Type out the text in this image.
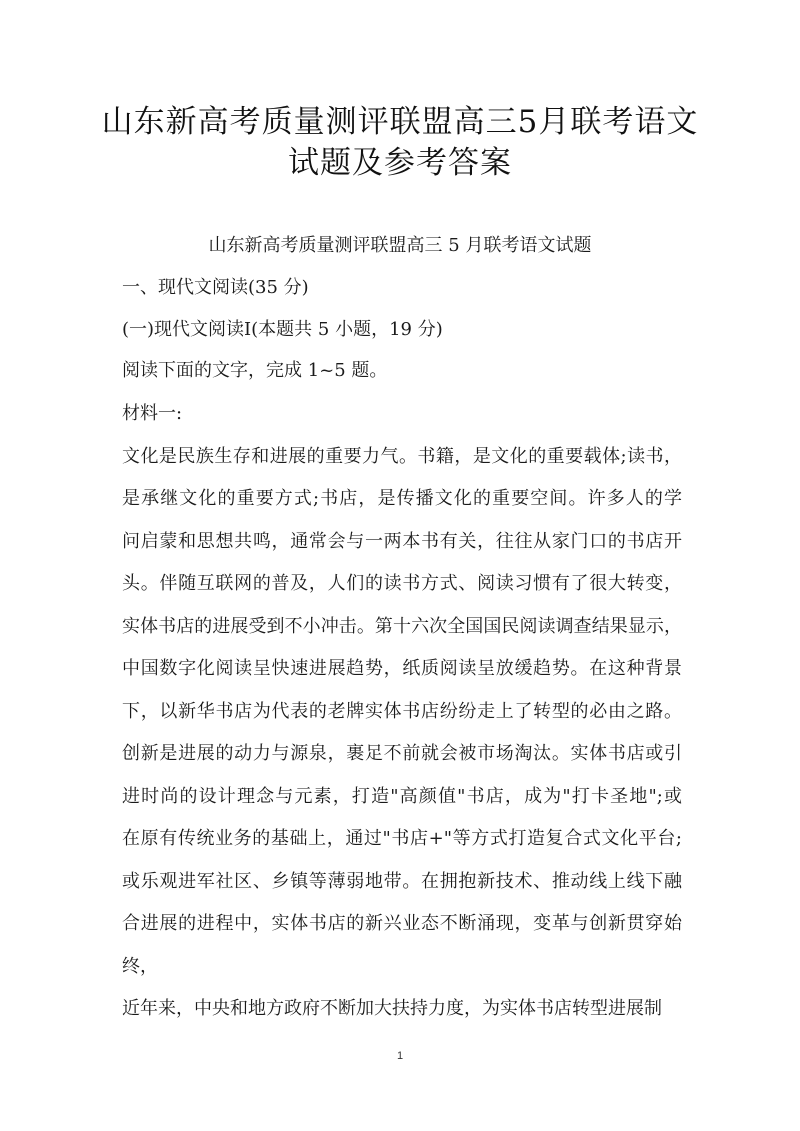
山东新高考质量测评联盟高三5月联考语文
试题及参考答案
山东新高考质量测评联盟高三 5 月联考语文试题
一、现代文阅读(35 分)
(一)现代文阅读Ⅰ(本题共 5 小题，19 分)
阅读下面的文字，完成 1~5 题。
材料一:
文化是民族生存和进展的重要力气。书籍，是文化的重要载体;读书，
是承继文化的重要方式;书店，是传播文化的重要空间。许多人的学
问启蒙和思想共鸣，通常会与一两本书有关，往往从家门口的书店开
头。伴随互联网的普及，人们的读书方式、阅读习惯有了很大转变，
实体书店的进展受到不小冲击。第十六次全国国民阅读调查结果显示，
中国数字化阅读呈快速进展趋势，纸质阅读呈放缓趋势。在这种背景
下，以新华书店为代表的老牌实体书店纷纷走上了转型的必由之路。
创新是进展的动力与源泉，裹足不前就会被市场淘汰。实体书店或引
进时尚的设计理念与元素，打造"高颜值"书店，成为"打卡圣地";或
在原有传统业务的基础上，通过"书店+"等方式打造复合式文化平台;
或乐观进军社区、乡镇等薄弱地带。在拥抱新技术、推动线上线下融
合进展的进程中，实体书店的新兴业态不断涌现，变革与创新贯穿始
终，
近年来，中央和地方政府不断加大扶持力度，为实体书店转型进展制
1
